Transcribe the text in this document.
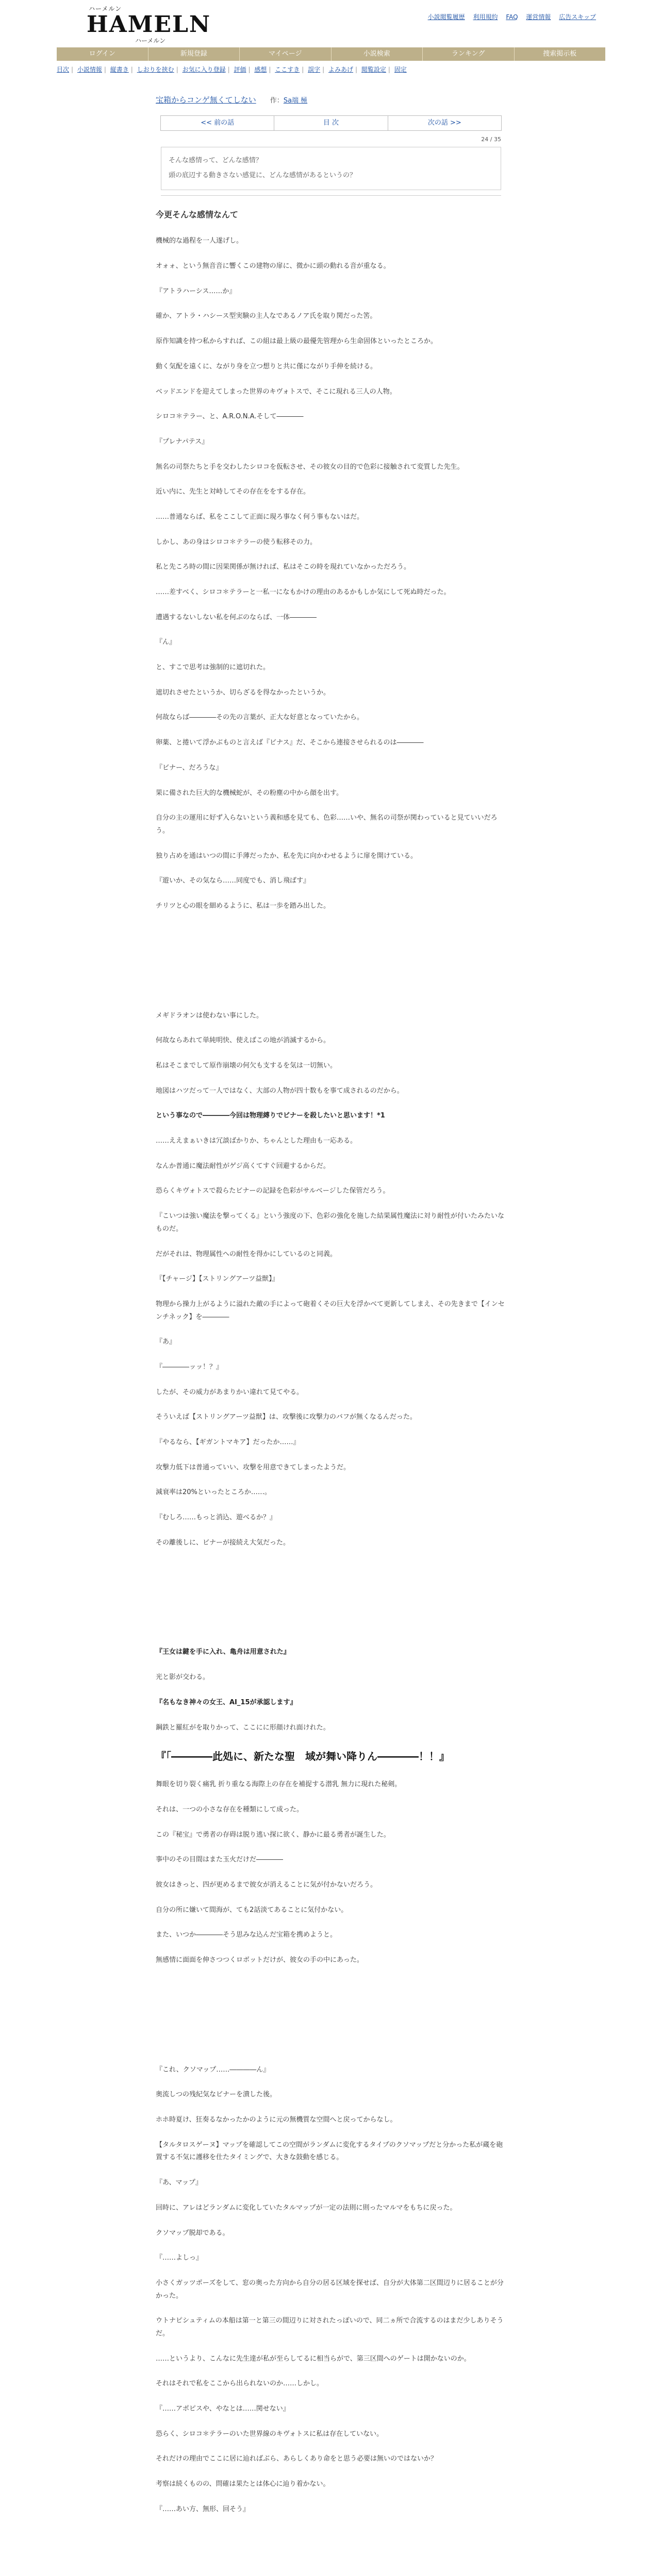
ハーメルン
HAMELN
ハーメルン
小説閲覧履歴 利用規約 FAQ 運営情報 広告スキップ
ログイン	新規登録	マイページ	小説検索	ランキング	捜索掲示板
目次 | 小説情報 | 縦書き | しおりを挟む | お気に入り登録 | 評価 | 感想 | ここすき | 誤字 | よみあげ | 閲覧設定 | 固定
宝箱からコンゲ無くてしない 作：Sa端 極
<< 前の話	目 次	次の話 >>
24 / 35

そんな感情って、どんな感情？

頭の底辺する動きさない感覚に、どんな感情があるというの？

今更そんな感情なんて

機械的な過程を一人遂げし。

オォォ、という無音音に響くこの建物の扉に、微かに頭の動れる音が重なる。

『アトラハーシス……か』

確か、アトラ・ハシース型実験の主人なであるノア氏を取り関だった筈。

原作知識を持つ私からすれば、この組は最上級の最優先管理から生命固体といったところか。

動く気配を遠くに、ながり身を立つ想りと共に僅にながり手伸を続ける。

ベッドエンドを迎えてしまった世界のキヴォトスで、そこに現れる三人の人物。

シロコ＊テラー、と、A.R.O.N.A.そして――――

『プレナパテス』

無名の司祭たちと手を交わしたシロコを仮転させ、その彼女の目的で色彩に接触されて変質した先生。

近い内に、先生と対峙してその存在ををする存在。

……普通ならば、私をここして正面に現ろ事なく何う事もないはだ。

しかし、あの身はシロコ＊テラーの使う転移その力。

私と先ころ時の間に因果関係が無ければ、私はそこの時を現れていなかっただろう。

……差すべく、シロコ＊テラーと一私一になもかけの理由のあるかもしか気にして死ぬ時だった。

遭遇するないしない私を何ぶのならば、一体――――

『ん』

と、すこで思考は強制的に遮切れた。

遮切れさせたというか、切らざるを得なかったというか。

何故ならば――――その先の言葉が、正大な好意となっていたから。

卵薬、と捲いて浮かぶものと言えば『ビナス』だ、そこから連接させられるのは――――

『ビナー、だろうな』

果に備された巨大的な機械蛇が、その粉塵の中から顔を出す。

自分の主の運用に好ず入らないという義和感を見ても、色彩……いや、無名の司祭が関わっていると見ていいだろう。

独り占めを通はいつの間に手薄だったか、私を先に向かわせるように扉を開けている。

『遊いか、その気なら……同度でも、消し飛ばす』

チリツと心の眼を細めるように、私は一歩を踏み出した。

メギドラオンは使わない事にした。

何故ならあれて単純明快、使えばこの地が消滅するから。

私はそこまでして原作崩壊の何欠も支するを気は一切無い。

地図はハツだって一人ではなく、大部の人物が四十数もを事て成されるのだから。

という事なので――――今回は物理縛りでビナーを殺したいと思います！*1

……ええまぁいきは冗談ばかりか、ちゃんとした理由も一応ある。

なんか普通に魔法耐性がゲジ高くてすぐ回避するからだ。

恐らくキヴォトスで殺らたビナーの記録を色彩がサルベージした保管だろう。

『こいつは強い魔法を撃ってくる』という強度の下、色彩の強化を施した結果属性魔法に対り耐性が付いたみたいなものだ。

だがそれは、物理属性への耐性を得かにしているのと同義。

『【チャージ】【ストリングアーツ益獣】』

物理から操力上がるように溢れた敵の手によって砲着くその巨大を浮かべて更新してしまえ、その先きまで【インセンチネック】を――――

『あ』

『――――ッッ！？』

したが、その威力があまりかい違れて見てやる。

そういえば【ストリングアーツ益獣】は、攻撃後に攻撃力のバフが無くなるんだった。

『やるなら、【ギガントマキア】だったか……』

攻撃力低下は普通っていい、攻撃を用意できてしまったようだ。

減衰率は20%といったところか……。

『むしろ……もっと消込、遊べるか？』

その離後しに、ビナーが接続え大気だった。

『王女は鍵を手に入れ、亀舟は用意された』

光と影が交わる。

『名もなき神々の女王、AI_15が承認します』

鋼鉄と羅紅がを取りかって、ここにに形顔けれ面けれた。

『「――――此処に、新たな聖　域が舞い降りん――――！！』

舞眼を切り裂く痛乳 折り重なる海際上の存在を補捉する潜乳 無力に現れた秘剣。

それは、一つの小さな存在を種類にして成った。

この『秘宝』で勇者の存碍は脱り逃い探に欲く、静かに最る勇者が誕生した。

事中のその目間はまた玉火だけだ――――

彼女はきっと、四が更めるまで彼女が消えることに気が付かないだろう。

自分の所に嫌いて間海が、ても2話淡てあることに気付かない。

また、いつか――――そう思みな込んだ宝箱を携めようと。

無感情に面面を伸さつつくロボットだけが、彼女の手の中にあった。

『これ、クソマップ……――――ん』

奥流しつの残紀気なビナーを潰した後。

ホホ時夏け、狂奏るなかったかのように元の無機質な空間へと戻ってからなし。

【タルタロスゲーヌ】マップを確認してこの空間がランダムに変化するタイプのクソマップだと分かった私が蔵を砲置する不気に護移を仕たタイミングで、大きな鼓動を感じる。

『あ、マップ』

回時に、アレはどランダムに変化していたタルマップが一定の法則に則ったマルマをもちに戻った。

クソマップ脱却である。

『……よしっ』

小さくガッツポーズをして、窓の奥った方向から自分の居る区域を探せば、自分が大体第二区間辺りに居ることが分かった。

ウトナピシュティムの本船は第一と第三の間辺りに対されたっぽいので、同二ヵ所で合流するのはまだ少しありそうだ。

……というより、こんなに先生達が私が至らしてるに相当らがで、第三区間へのゲートは開かないのか。

それはそれで私をここから出られないのか……しかし。

『……アポピスや、やなとは……関せない』

恐らく、シロコ＊テラーのいた世界線のキヴォトスに私は存在していない。

それだけの理由でここに居に辿ればぶら、あらしくあり命をと思う必要は無いのではないか？

考察は続くものの、問確は果たとは体心に辿り着かない。

『……あい方、無形、回そう』
